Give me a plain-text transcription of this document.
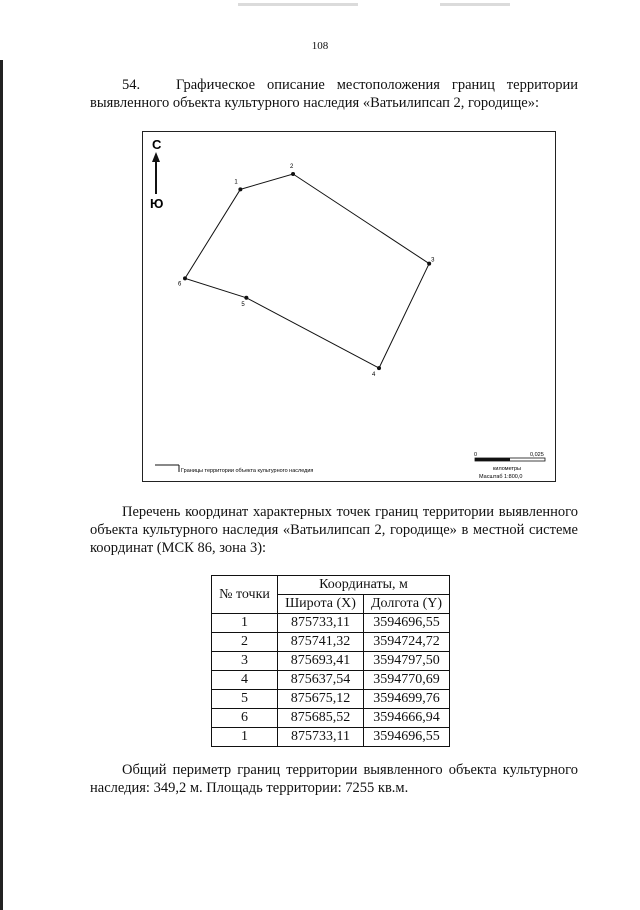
108
54. Графическое описание местоположения границ территории выявленного объекта культурного наследия «Ватьилипсап 2, городище»:
С
Ю
1
2
3
4
5
6
Границы территории объекта культурного наследия
0	0,025
километры
Масштаб 1:800,0
Перечень координат характерных точек границ территории выявленного объекта культурного наследия «Ватьилипсап 2, городище» в местной системе координат (МСК 86, зона 3):
№ точки	Координаты, м	
	Широта (X)	Долгота (Y)
1	875733,11	3594696,55
2	875741,32	3594724,72
3	875693,41	3594797,50
4	875637,54	3594770,69
5	875675,12	3594699,76
6	875685,52	3594666,94
1	875733,11	3594696,55
Общий периметр границ территории выявленного объекта культурного наследия: 349,2 м. Площадь территории: 7255 кв.м.
